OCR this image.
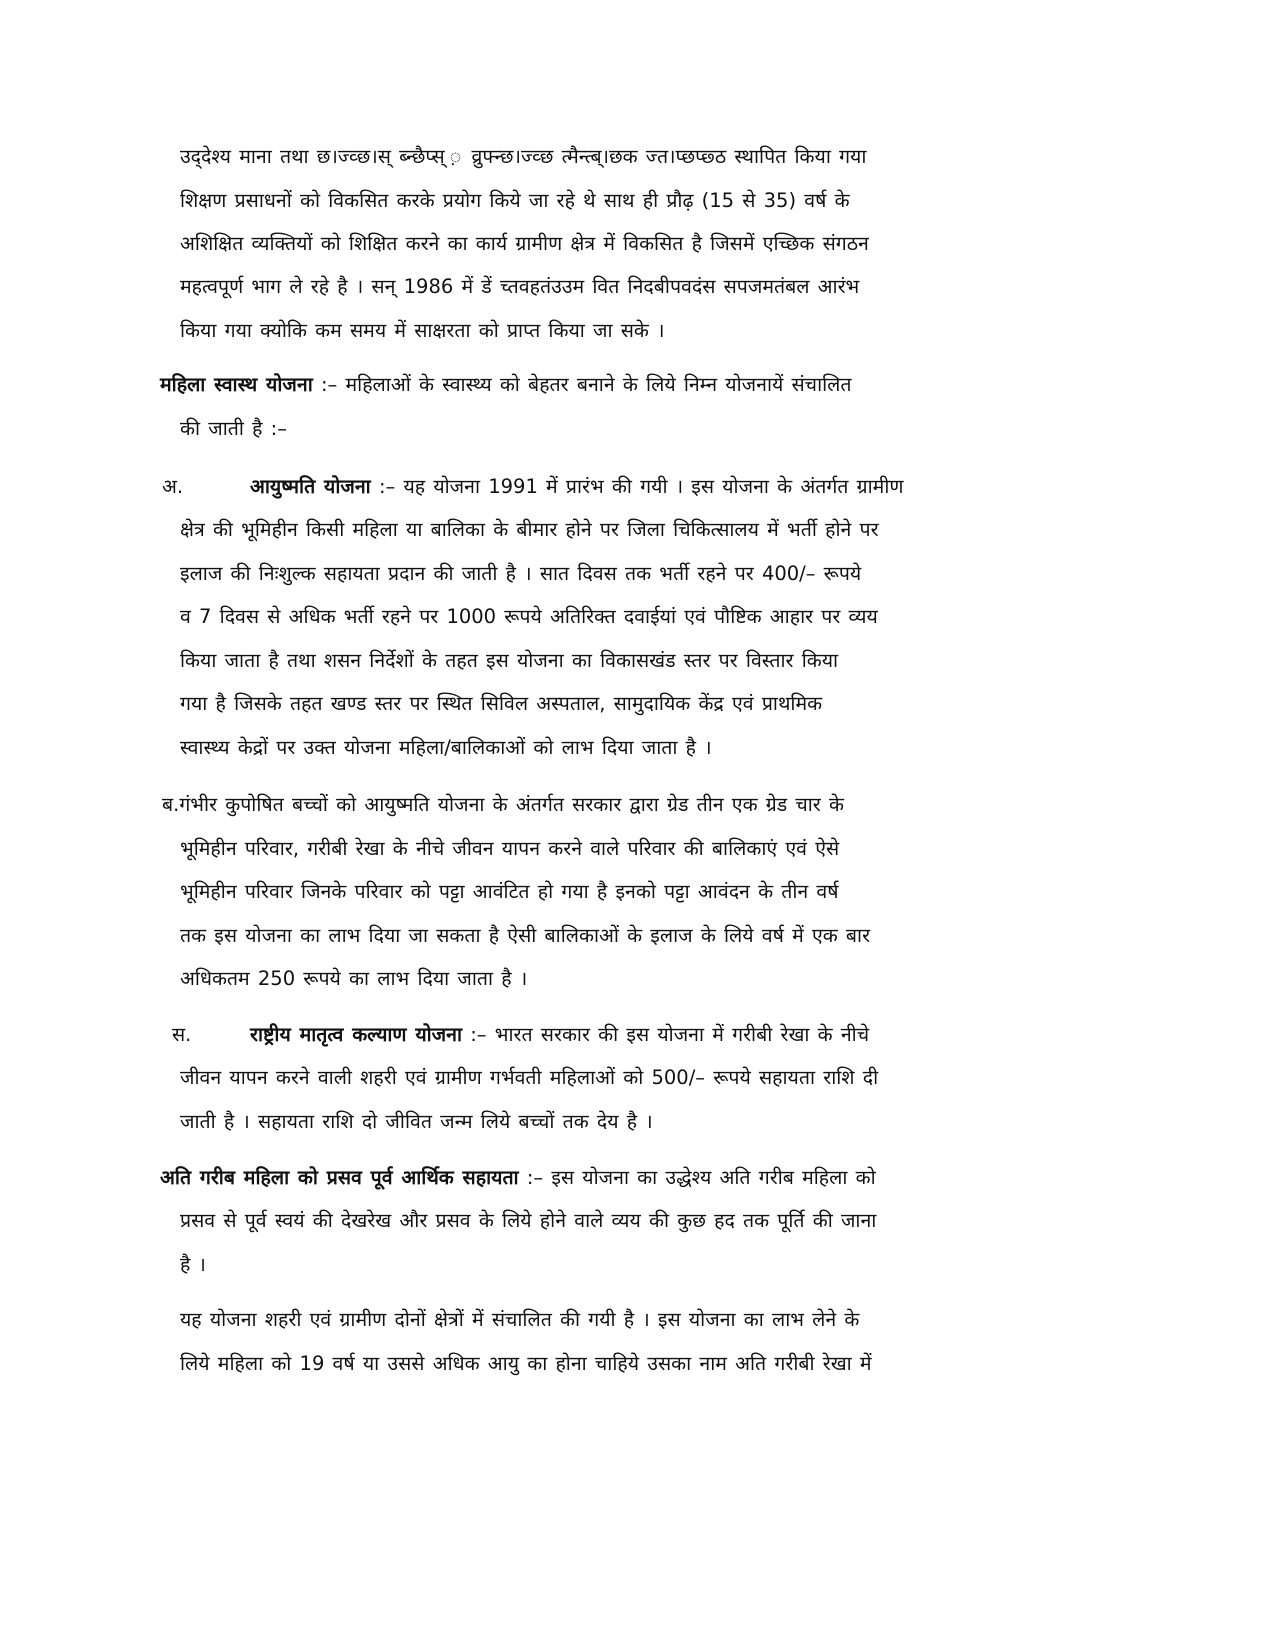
उद्‌देश्य माना तथा छ।ज्व्छ।स् ब्न्छैप्स् ़ व्रुफ्न्छ।ज्व्छ त्मैन्त्ब्।छक ज्त।प्छप्छ्ठ स्थापित किया गया
शिक्षण प्रसाधनों को विकसित करके प्रयोग किये जा रहे थे साथ ही प्रौढ़ (15 से 35) वर्ष के
अशिक्षित व्यक्तियों को शिक्षित करने का कार्य ग्रामीण क्षेत्र में विकसित है जिसमें एच्छिक संगठन
महत्वपूर्ण भाग ले रहे है । सन् 1986 में डें च्तवहतंउउम वित निदबीपवदंस सपजमतंबल आरंभ
किया गया क्योकि कम समय में साक्षरता को प्राप्त किया जा सके ।
महिला स्वास्थ योजना :– महिलाओं के स्वास्थ्य को बेहतर बनाने के लिये निम्न योजनायें संचालित
की जाती है :–
अ.	आयुष्मति योजना :– यह योजना 1991 में प्रारंभ की गयी । इस योजना के अंतर्गत ग्रामीण
क्षेत्र की भूमिहीन किसी महिला या बालिका के बीमार होने पर जिला चिकित्सालय में भर्ती होने पर
इलाज की निःशुल्क सहायता प्रदान की जाती है । सात दिवस तक भर्ती रहने पर 400/– रूपये
व 7 दिवस से अधिक भर्ती रहने पर 1000 रूपये अतिरिक्त दवाईयां एवं पौष्टिक आहार पर व्यय
किया जाता है तथा शसन निर्देशों के तहत इस योजना का विकासखंड स्तर पर विस्तार किया
गया है जिसके तहत खण्ड स्तर पर स्थित सिविल अस्पताल, सामुदायिक केंद्र एवं प्राथमिक
स्वास्थ्य केद्रों पर उक्त योजना महिला/बालिकाओं को लाभ दिया जाता है ।
ब.गंभीर कुपोषित बच्चों को आयुष्मति योजना के अंतर्गत सरकार द्वारा ग्रेड तीन एक ग्रेड चार के
भूमिहीन परिवार, गरीबी रेखा के नीचे जीवन यापन करने वाले परिवार की बालिकाएं एवं ऐसे
भूमिहीन परिवार जिनके परिवार को पट्टा आवंटित हो गया है इनको पट्टा आवंदन के तीन वर्ष
तक इस योजना का लाभ दिया जा सकता है ऐसी बालिकाओं के इलाज के लिये वर्ष में एक बार
अधिकतम 250 रूपये का लाभ दिया जाता है ।
स.	राष्ट्रीय मातृत्व कल्याण योजना :– भारत सरकार की इस योजना में गरीबी रेखा के नीचे
जीवन यापन करने वाली शहरी एवं ग्रामीण गर्भवती महिलाओं को 500/– रूपये सहायता राशि दी
जाती है । सहायता राशि दो जीवित जन्म लिये बच्चों तक देय है ।
अति गरीब महिला को प्रसव पूर्व आर्थिक सहायता :– इस योजना का उद्धेश्य अति गरीब महिला को
प्रसव से पूर्व स्वयं की देखरेख और प्रसव के लिये होने वाले व्यय की कुछ हद तक पूर्ति की जाना
है ।
यह योजना शहरी एवं ग्रामीण दोनों क्षेत्रों में संचालित की गयी है । इस योजना का लाभ लेने के
लिये महिला को 19 वर्ष या उससे अधिक आयु का होना चाहिये उसका नाम अति गरीबी रेखा में
